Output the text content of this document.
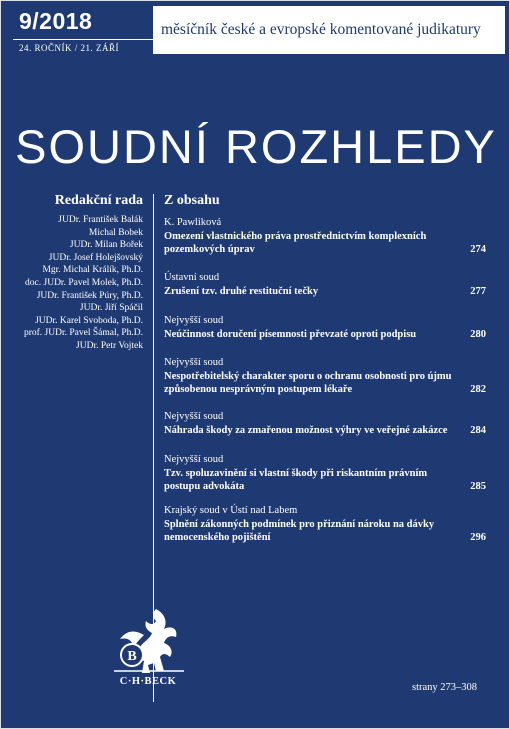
9/2018
24. ROČNÍK / 21. ZÁŘÍ
měsíčník české a evropské komentované judikatury
SOUDNÍ ROZHLEDY
Redakční rada
JUDr. František Balák
Michal Bobek
JUDr. Milan Bořek
JUDr. Josef Holejšovský
Mgr. Michal Králík, Ph.D.
doc. JUDr. Pavel Molek, Ph.D.
JUDr. František Púry, Ph.D.
JUDr. Jiří Spáčil
JUDr. Karel Svoboda, Ph.D.
prof. JUDr. Pavel Šámal, Ph.D.
JUDr. Petr Vojtek
Z obsahu
K. Pawliková
Omezení vlastnického práva prostřednictvím komplexních pozemkových úprav	274
Ústavní soud
Zrušení tzv. druhé restituční tečky	277
Nejvyšší soud
Neúčinnost doručení písemnosti převzaté oproti podpisu	280
Nejvyšší soud
Nespotřebitelský charakter sporu o ochranu osobnosti pro újmu způsobenou nesprávným postupem lékaře	282
Nejvyšší soud
Náhrada škody za zmařenou možnost výhry ve veřejné zakázce	284
Nejvyšší soud
Tzv. spoluzavinění si vlastní škody při riskantním právním postupu advokáta	285
Krajský soud v Ústí nad Labem
Splnění zákonných podmínek pro přiznání nároku na dávky nemocenského pojištění	296
B
C·H·BECK
strany 273–308
